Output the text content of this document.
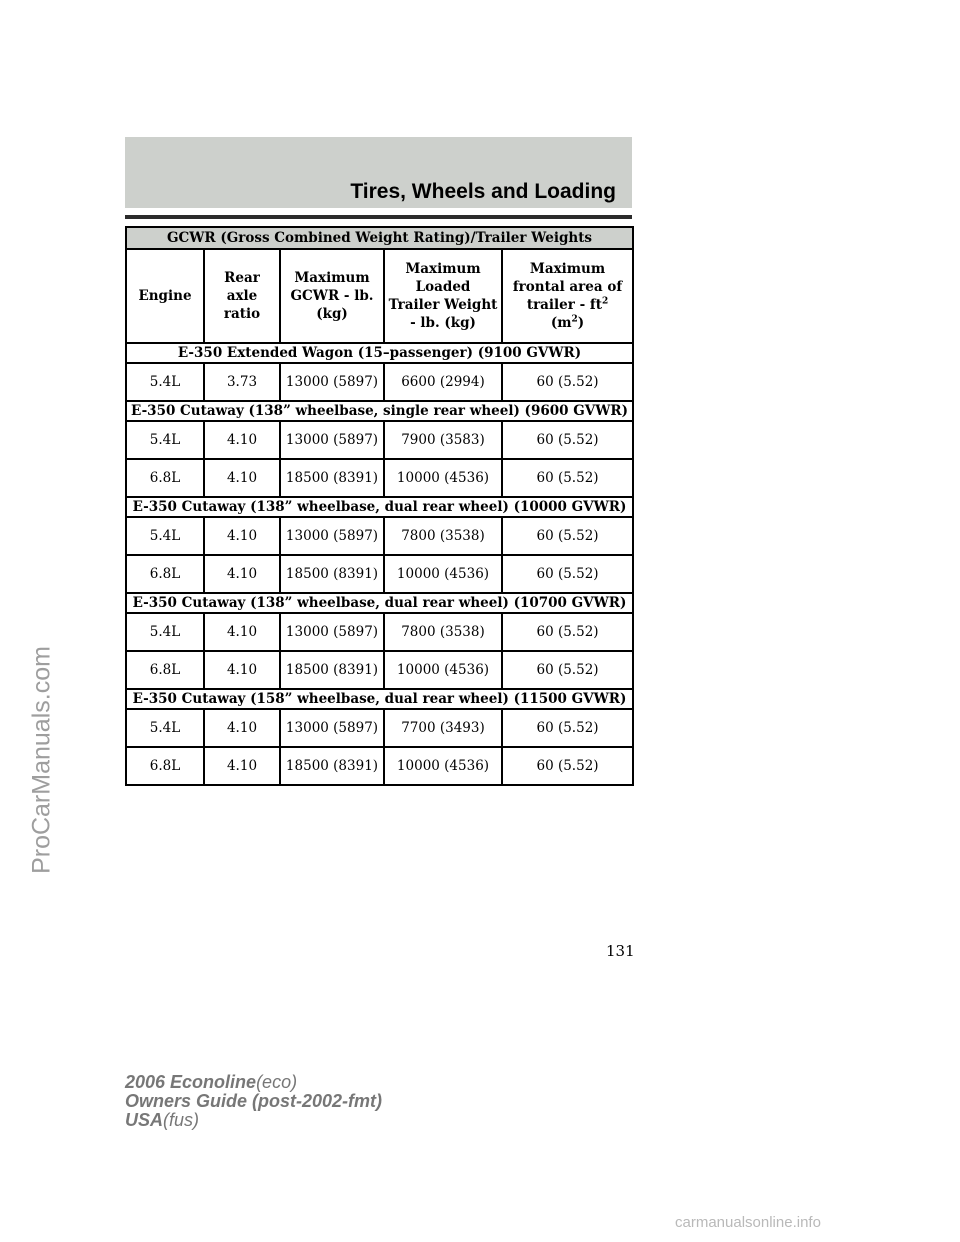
Tires, Wheels and Loading
GCWR (Gross Combined Weight Rating)/Trailer Weights				
Engine	Rear axle ratio	Maximum GCWR - lb. (kg)	Maximum Loaded Trailer Weight - lb. (kg)	Maximum frontal area of trailer - $ft^2$
$(m^2)$
E-350 Extended Wagon (15–passenger) (9100 GVWR)				
5.4L	3.73	13000 (5897)	6600 (2994)	60 (5.52)
E-350 Cutaway (138” wheelbase, single rear wheel) (9600 GVWR)				
5.4L	4.10	13000 (5897)	7900 (3583)	60 (5.52)
6.8L	4.10	18500 (8391)	10000 (4536)	60 (5.52)
E-350 Cutaway (138” wheelbase, dual rear wheel) (10000 GVWR)				
5.4L	4.10	13000 (5897)	7800 (3538)	60 (5.52)
6.8L	4.10	18500 (8391)	10000 (4536)	60 (5.52)
E-350 Cutaway (138” wheelbase, dual rear wheel) (10700 GVWR)				
5.4L	4.10	13000 (5897)	7800 (3538)	60 (5.52)
6.8L	4.10	18500 (8391)	10000 (4536)	60 (5.52)
E-350 Cutaway (158” wheelbase, dual rear wheel) (11500 GVWR)				
5.4L	4.10	13000 (5897)	7700 (3493)	60 (5.52)
6.8L	4.10	18500 (8391)	10000 (4536)	60 (5.52)
131
2006 Econoline(eco)
Owners Guide (post-2002-fmt)
USA(fus)
ProCarManuals.com
carmanualsonline.info
